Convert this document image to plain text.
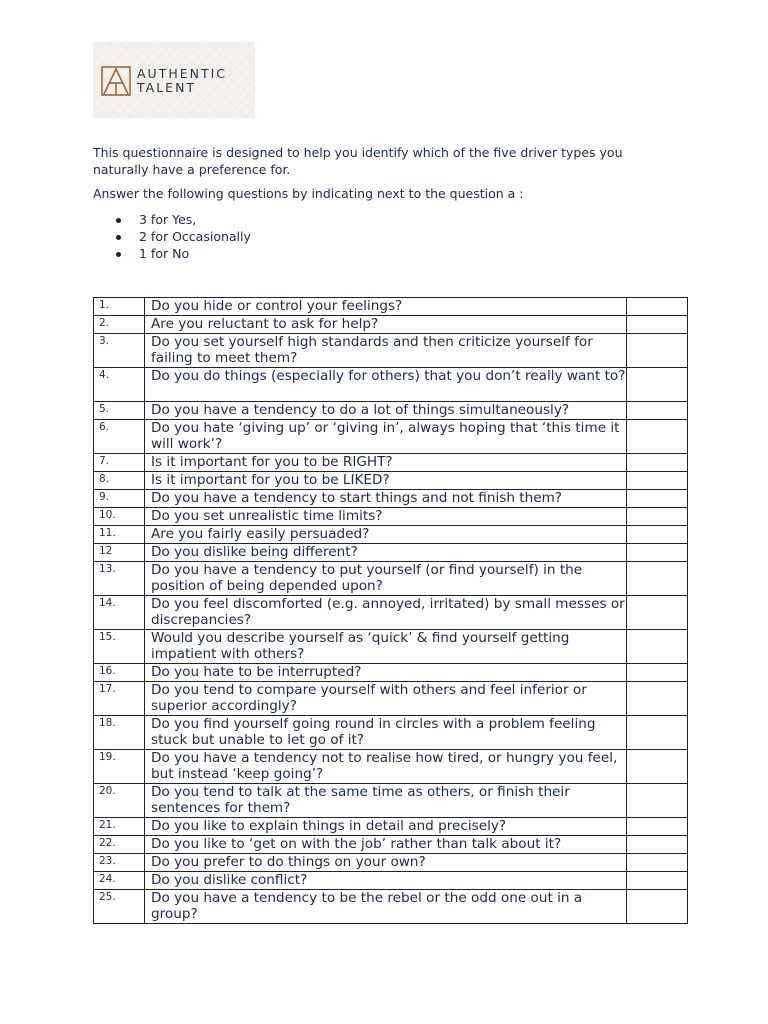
AUTHENTIC
TALENT

This questionnaire is designed to help you identify which of the five driver types you naturally have a preference for.

Answer the following questions by indicating next to the question a :
3 for Yes,
2 for Occasionally
1 for No
1.	Do you hide or control your feelings?	
2.	Are you reluctant to ask for help?	
3.	Do you set yourself high standards and then criticize yourself for failing to meet them?	
4.	Do you do things (especially for others) that you don’t really want to?	
5.	Do you have a tendency to do a lot of things simultaneously?	
6.	Do you hate ‘giving up’ or ‘giving in’, always hoping that ‘this time it will work’?	
7.	Is it important for you to be RIGHT?	
8.	Is it important for you to be LIKED?	
9.	Do you have a tendency to start things and not finish them?	
10.	Do you set unrealistic time limits?	
11.	Are you fairly easily persuaded?	
12	Do you dislike being different?	
13.	Do you have a tendency to put yourself (or find yourself) in the position of being depended upon?	
14.	Do you feel discomforted (e.g. annoyed, irritated) by small messes or discrepancies?	
15.	Would you describe yourself as ‘quick’ & find yourself getting impatient with others?	
16.	Do you hate to be interrupted?	
17.	Do you tend to compare yourself with others and feel inferior or superior accordingly?	
18.	Do you find yourself going round in circles with a problem feeling stuck but unable to let go of it?	
19.	Do you have a tendency not to realise how tired, or hungry you feel, but instead ‘keep going’?	
20.	Do you tend to talk at the same time as others, or finish their sentences for them?	
21.	Do you like to explain things in detail and precisely?	
22.	Do you like to ‘get on with the job’ rather than talk about it?	
23.	Do you prefer to do things on your own?	
24.	Do you dislike conflict?	
25.	Do you have a tendency to be the rebel or the odd one out in a group?	
